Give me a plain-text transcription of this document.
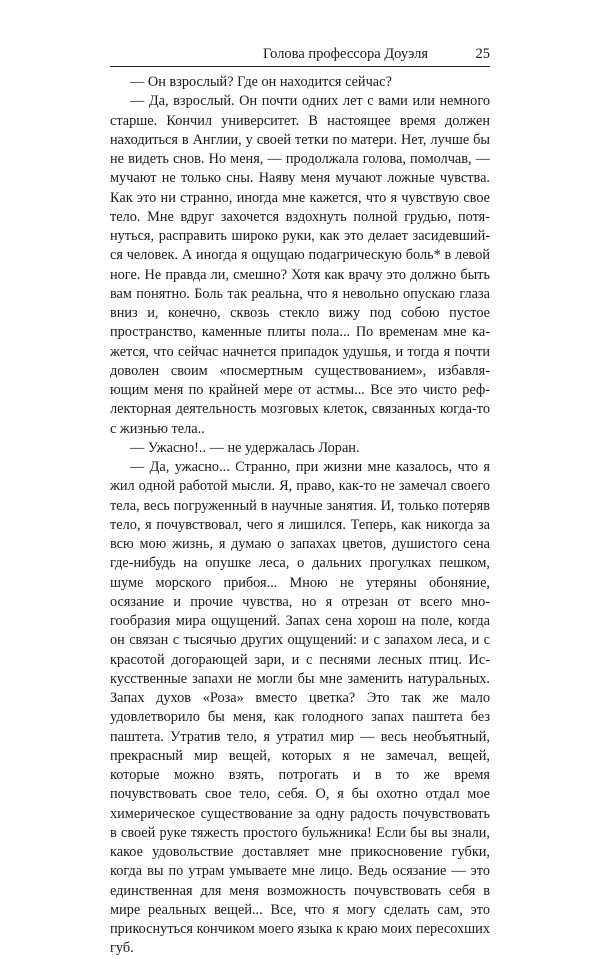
Голова профессора Доуэля	25

— Он взрослый? Где он находится сейчас?

— Да, взрослый. Он почти одних лет с вами или немного старше. Кончил университет. В настоящее время должен находиться в Англии, у своей тетки по матери. Нет, лучше бы не видеть снов. Но меня, — продолжала голова, помолчав, — мучают не только сны. Наяву меня мучают ложные чувства. Как это ни странно, иногда мне кажется, что я чувствую свое тело. Мне вдруг захочется вздохнуть полной грудью, потянуться, расправить широко руки, как это делает засидевшийся человек. А иногда я ощущаю подагрическую боль* в левой ноге. Не правда ли, смешно? Хотя как врачу это должно быть вам понятно. Боль так реальна, что я невольно опускаю глаза вниз и, конечно, сквозь стекло вижу под собою пустое пространство, каменные плиты пола... По временам мне кажется, что сейчас начнется припадок удушья, и тогда я почти доволен своим «посмертным существованием», избавляющим меня по крайней мере от астмы... Все это чисто рефлекторная деятельность мозговых клеток, связанных когда-то с жизнью тела..

— Ужасно!.. — не удержалась Лоран.

— Да, ужасно... Странно, при жизни мне казалось, что я жил одной работой мысли. Я, право, как-то не замечал своего тела, весь погруженный в научные занятия. И, только потеряв тело, я почувствовал, чего я лишился. Теперь, как никогда за всю мою жизнь, я думаю о запахах цветов, душистого сена где-нибудь на опушке леса, о дальних прогулках пешком, шуме морского прибоя... Мною не утеряны обоняние, осязание и прочие чувства, но я отрезан от всего многообразия мира ощущений. Запах сена хорош на поле, когда он связан с тысячью других ощущений: и с запахом леса, и с красотой догорающей зари, и с песнями лесных птиц. Искусственные запахи не могли бы мне заменить натуральных. Запах духов «Роза» вместо цветка? Это так же мало удовлетворило бы меня, как голодного запах паштета без паштета. Утратив тело, я утратил мир — весь необъятный, прекрасный мир вещей, которых я не замечал, вещей, которые можно взять, потрогать и в то же время почувствовать свое тело, себя. О, я бы охотно отдал мое химерическое существование за одну радость почувствовать в своей руке тяжесть простого бульжника! Если бы вы знали, какое удовольствие доставляет мне прикосновение губки, когда вы по утрам умываете мне лицо. Ведь осязание — это единственная для меня возможность почувствовать себя в мире реальных вещей... Все, что я могу сделать сам, это прикоснуться кончиком моего языка к краю моих пересохших губ.
